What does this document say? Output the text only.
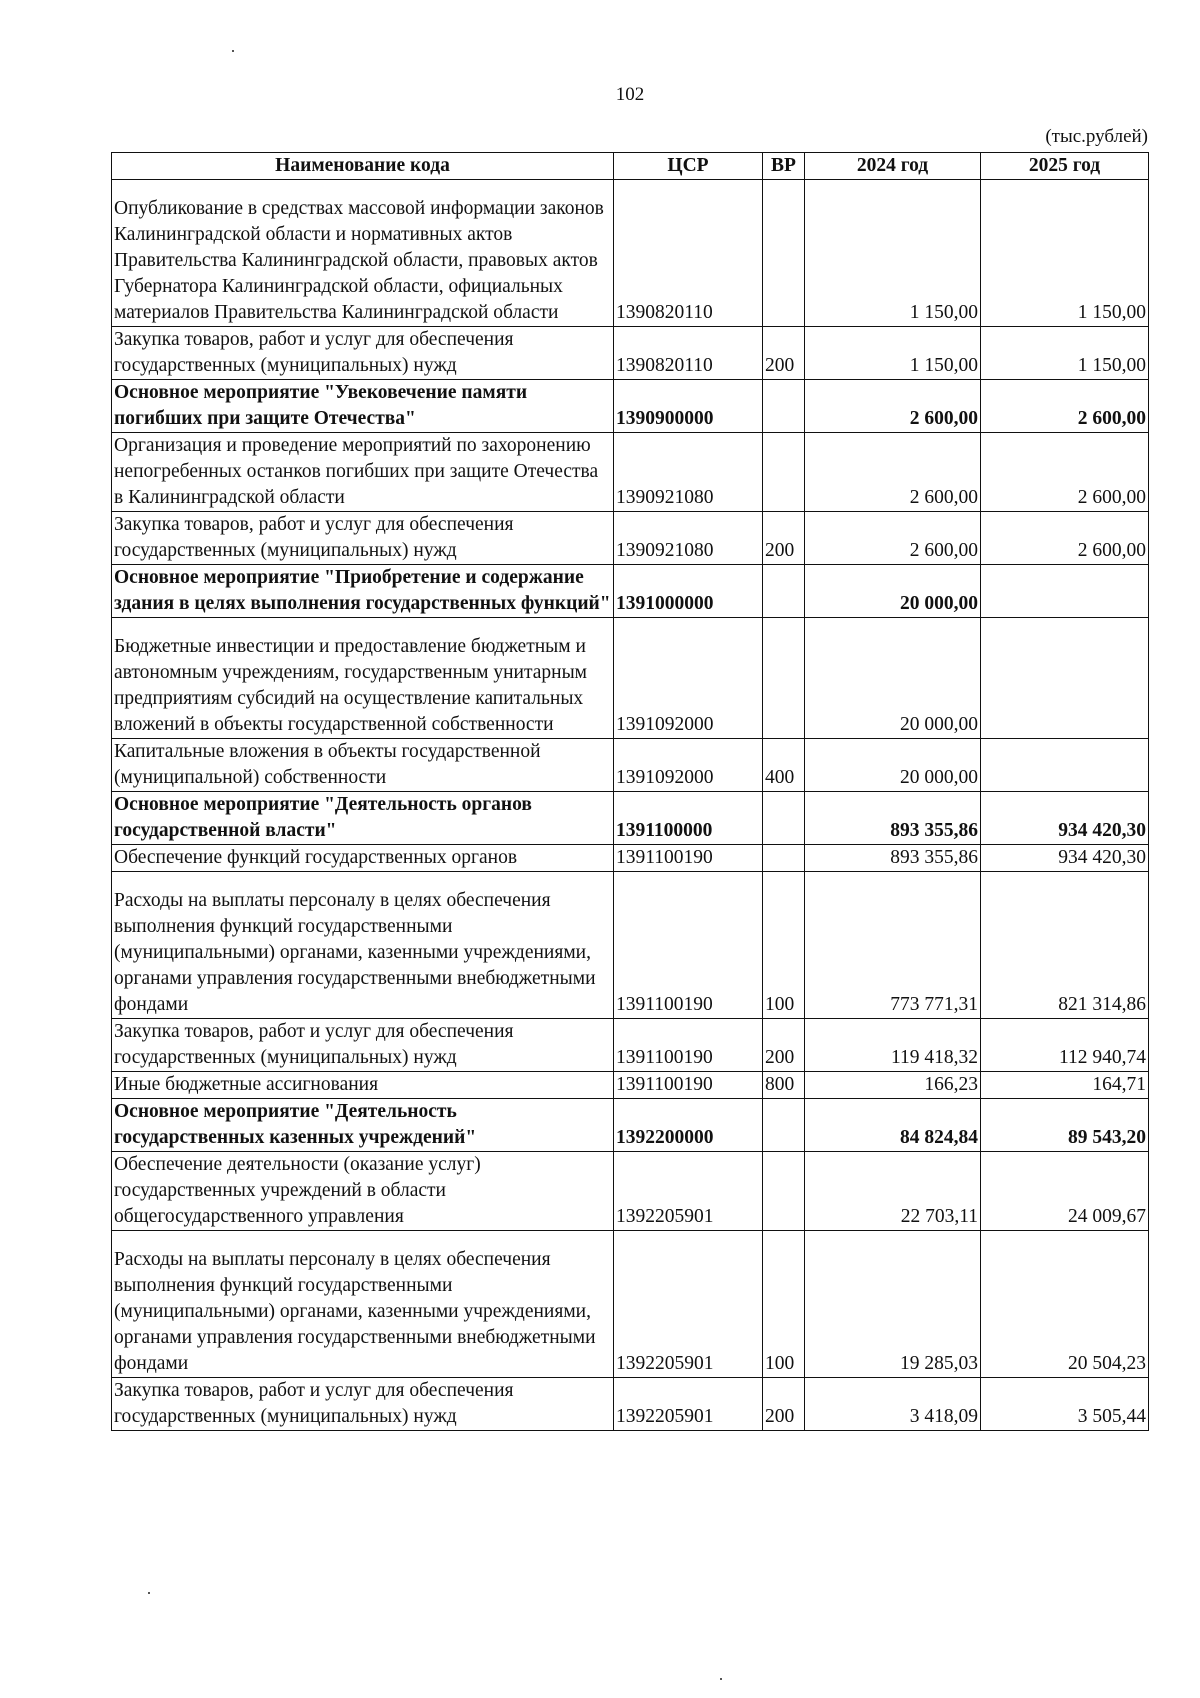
102
(тыс.рублей)
Наименование кода	ЦСР	ВР	2024 год	2025 год
Опубликование в средствах массовой информации законов Калининградской области и нормативных актов Правительства Калининградской области, правовых актов Губернатора Калининградской области, официальных материалов Правительства Калининградской области	1390820110		1 150,00	1 150,00
Закупка товаров, работ и услуг для обеспечения государственных (муниципальных) нужд	1390820110	200	1 150,00	1 150,00
Основное мероприятие "Увековечение памяти погибших при защите Отечества"	1390900000		2 600,00	2 600,00
Организация и проведение мероприятий по захоронению непогребенных останков погибших при защите Отечества в Калининградской области	1390921080		2 600,00	2 600,00
Закупка товаров, работ и услуг для обеспечения государственных (муниципальных) нужд	1390921080	200	2 600,00	2 600,00
Основное мероприятие "Приобретение и содержание здания в целях выполнения государственных функций"	1391000000		20 000,00	
Бюджетные инвестиции и предоставление бюджетным и автономным учреждениям, государственным унитарным предприятиям субсидий на осуществление капитальных вложений в объекты государственной собственности	1391092000		20 000,00	
Капитальные вложения в объекты государственной (муниципальной) собственности	1391092000	400	20 000,00	
Основное мероприятие "Деятельность органов государственной власти"	1391100000		893 355,86	934 420,30
Обеспечение функций государственных органов	1391100190		893 355,86	934 420,30
Расходы на выплаты персоналу в целях обеспечения выполнения функций государственными (муниципальными) органами, казенными учреждениями, органами управления государственными внебюджетными фондами	1391100190	100	773 771,31	821 314,86
Закупка товаров, работ и услуг для обеспечения государственных (муниципальных) нужд	1391100190	200	119 418,32	112 940,74
Иные бюджетные ассигнования	1391100190	800	166,23	164,71
Основное мероприятие "Деятельность государственных казенных учреждений"	1392200000		84 824,84	89 543,20
Обеспечение деятельности (оказание услуг) государственных учреждений в области общегосударственного управления	1392205901		22 703,11	24 009,67
Расходы на выплаты персоналу в целях обеспечения выполнения функций государственными (муниципальными) органами, казенными учреждениями, органами управления государственными внебюджетными фондами	1392205901	100	19 285,03	20 504,23
Закупка товаров, работ и услуг для обеспечения государственных (муниципальных) нужд	1392205901	200	3 418,09	3 505,44
